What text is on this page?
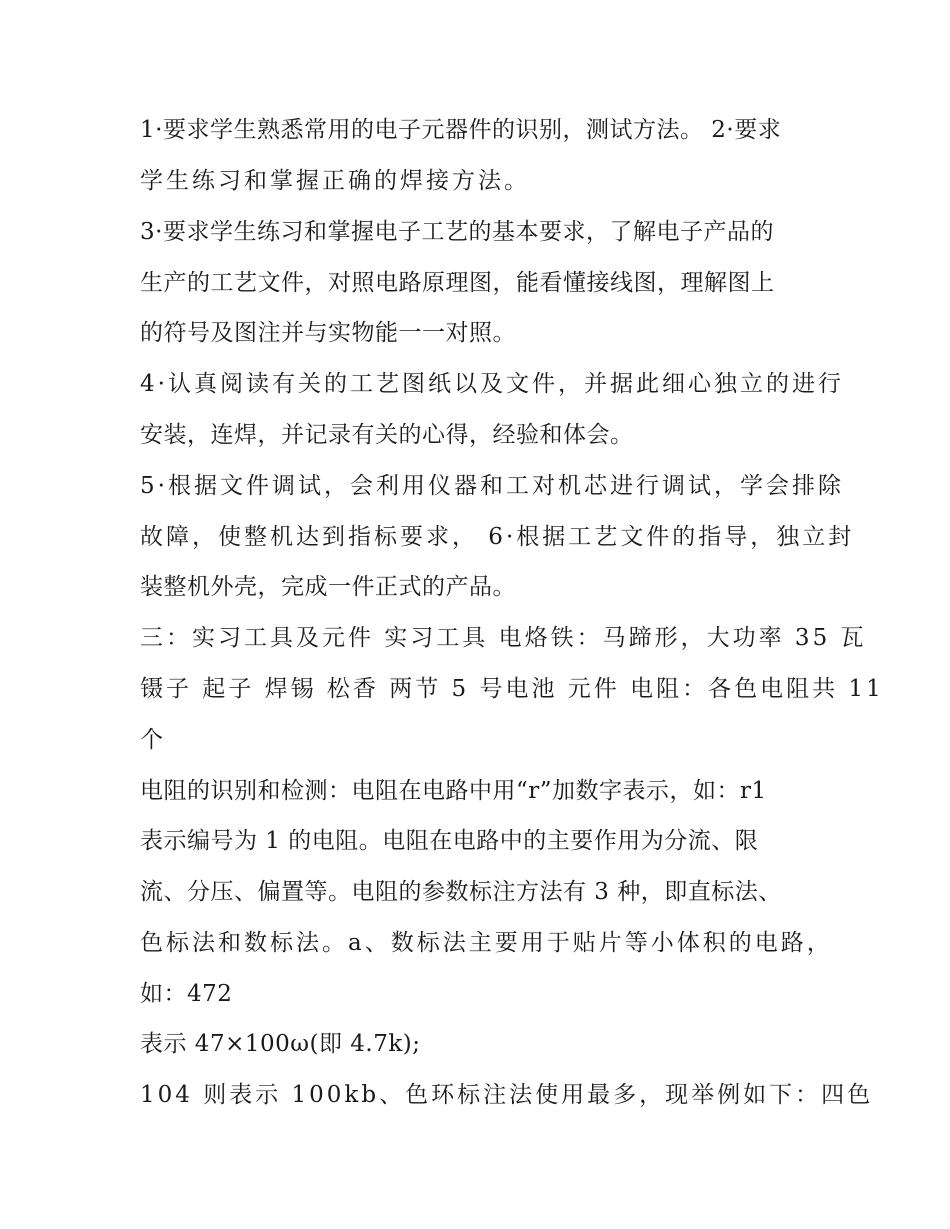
1·要求学生熟悉常用的电子元器件的识别，测试方法。 2·要求
学生练习和掌握正确的焊接方法。
3·要求学生练习和掌握电子工艺的基本要求，了解电子产品的
生产的工艺文件，对照电路原理图，能看懂接线图，理解图上
的符号及图注并与实物能一一对照。
4·认真阅读有关的工艺图纸以及文件，并据此细心独立的进行
安装，连焊，并记录有关的心得，经验和体会。
5·根据文件调试，会利用仪器和工对机芯进行调试，学会排除
故障，使整机达到指标要求， 6·根据工艺文件的指导，独立封
装整机外壳，完成一件正式的产品。
三：实习工具及元件 实习工具 电烙铁：马蹄形，大功率 35 瓦
镊子 起子 焊锡 松香 两节 5 号电池 元件 电阻：各色电阻共 11
个
电阻的识别和检测：电阻在电路中用“r”加数字表示，如：r1
表示编号为 1 的电阻。电阻在电路中的主要作用为分流、限
流、分压、偏置等。电阻的参数标注方法有 3 种，即直标法、
色标法和数标法。a、数标法主要用于贴片等小体积的电路，
如：472
表示 47×100ω(即 4.7k);
104 则表示 100kb、色环标注法使用最多，现举例如下：四色
